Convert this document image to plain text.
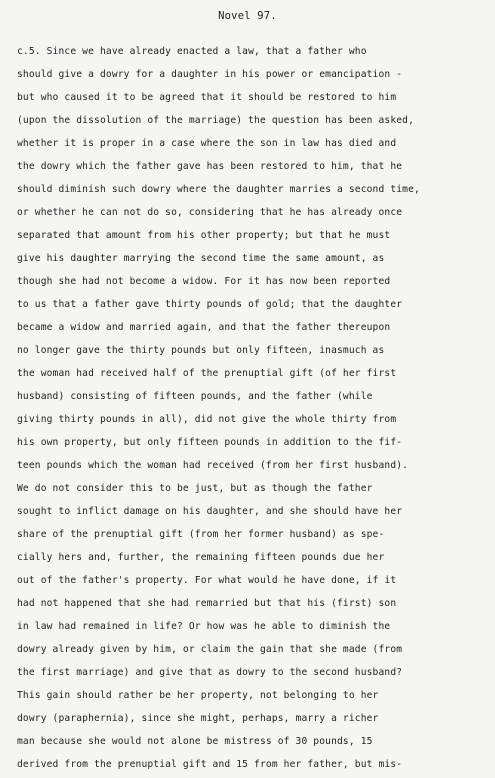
Novel 97.
c.5. Since we have already enacted a law, that a father who
should give a dowry for a daughter in his power or emancipation -
but who caused it to be agreed that it should be restored to him
(upon the dissolution of the marriage) the question has been asked,
whether it is proper in a case where the son in law has died and
the dowry which the father gave has been restored to him, that he
should diminish such dowry where the daughter marries a second time,
or whether he can not do so, considering that he has already once
separated that amount from his other property; but that he must
give his daughter marrying the second time the same amount, as
though she had not become a widow. For it has now been reported
to us that a father gave thirty pounds of gold; that the daughter
became a widow and married again, and that the father thereupon
no longer gave the thirty pounds but only fifteen, inasmuch as
the woman had received half of the prenuptial gift (of her first
husband) consisting of fifteen pounds, and the father (while
giving thirty pounds in all), did not give the whole thirty from
his own property, but only fifteen pounds in addition to the fif-
teen pounds which the woman had received (from her first husband).
We do not consider this to be just, but as though the father
sought to inflict damage on his daughter, and she should have her
share of the prenuptial gift (from her former husband) as spe-
cially hers and, further, the remaining fifteen pounds due her
out of the father's property. For what would he have done, if it
had not happened that she had remarried but that his (first) son
in law had remained in life? Or how was he able to diminish the
dowry already given by him, or claim the gain that she made (from
the first marriage) and give that as dowry to the second husband?
This gain should rather be her property, not belonging to her
dowry (paraphernia), since she might, perhaps, marry a richer
man because she would not alone be mistress of 30 pounds, 15
derived from the prenuptial gift and 15 from her father, but mis-
